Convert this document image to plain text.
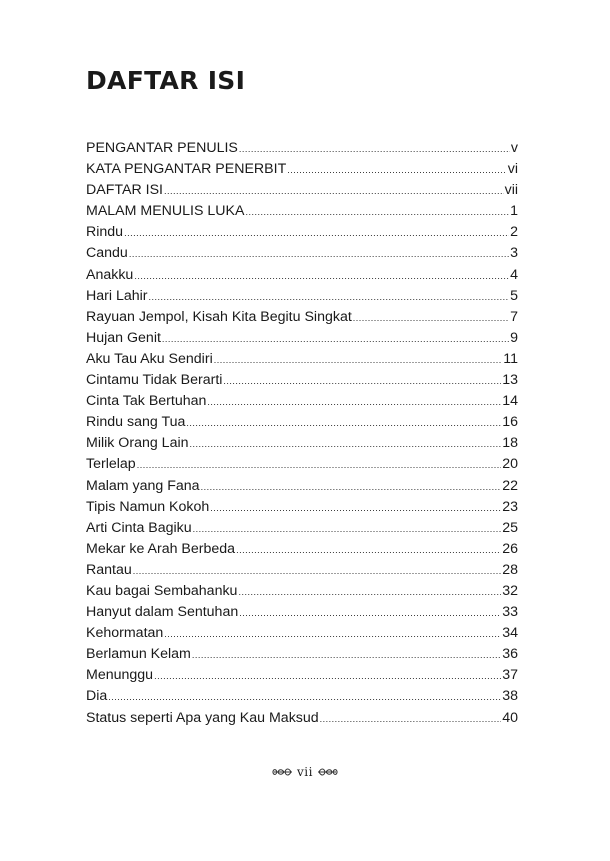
DAFTAR ISI
PENGANTAR PENULIS .....	v
KATA PENGANTAR PENERBIT .....	vi
DAFTAR ISI .....	vii
MALAM MENULIS LUKA .....	1
Rindu .....	2
Candu .....	3
Anakku .....	4
Hari Lahir .....	5
Rayuan Jempol, Kisah Kita Begitu Singkat .....	7
Hujan Genit .....	9
Aku Tau Aku Sendiri .....	11
Cintamu Tidak Berarti .....	13
Cinta Tak Bertuhan .....	14
Rindu sang Tua .....	16
Milik Orang Lain .....	18
Terlelap .....	20
Malam yang Fana .....	22
Tipis Namun Kokoh .....	23
Arti Cinta Bagiku .....	25
Mekar ke Arah Berbeda .....	26
Rantau .....	28
Kau bagai Sembahanku .....	32
Hanyut dalam Sentuhan .....	33
Kehormatan .....	34
Berlamun Kelam .....	36
Menunggu .....	37
Dia .....	38
Status seperti Apa yang Kau Maksud .....	40
vii
